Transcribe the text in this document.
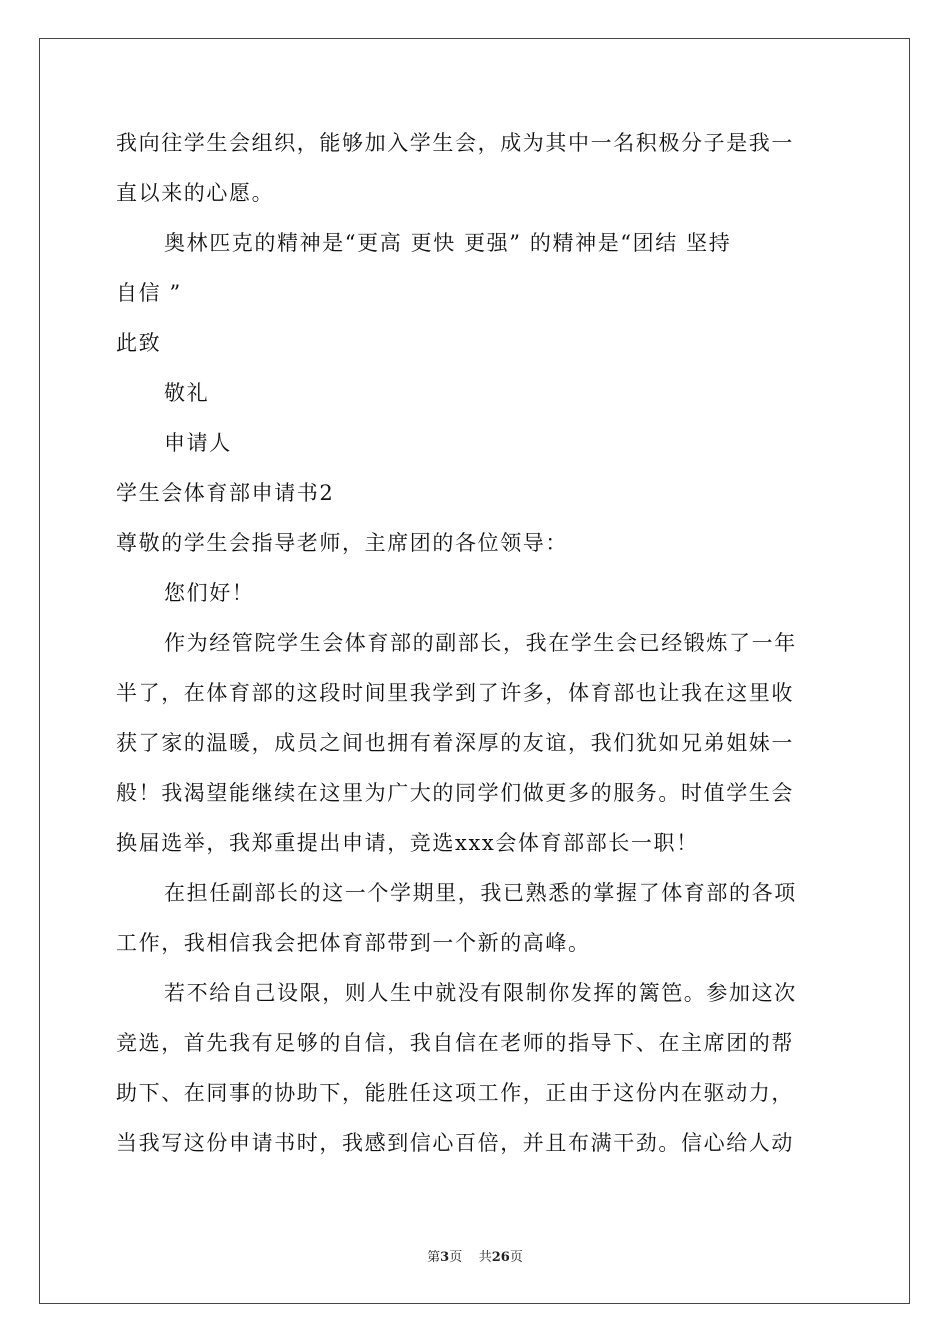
我向往学生会组织，能够加入学生会，成为其中一名积极分子是我一
直以来的心愿。
奥林匹克的精神是“更高 更快 更强” 的精神是“团结 坚持
自信 ”
此致
敬礼
申请人
学生会体育部申请书2
尊敬的学生会指导老师，主席团的各位领导：
您们好！
作为经管院学生会体育部的副部长，我在学生会已经锻炼了一年
半了，在体育部的这段时间里我学到了许多，体育部也让我在这里收
获了家的温暖，成员之间也拥有着深厚的友谊，我们犹如兄弟姐妹一
般！我渴望能继续在这里为广大的同学们做更多的服务。时值学生会
换届选举，我郑重提出申请，竞选xxx会体育部部长一职！
在担任副部长的这一个学期里，我已熟悉的掌握了体育部的各项
工作，我相信我会把体育部带到一个新的高峰。
若不给自己设限，则人生中就没有限制你发挥的篱笆。参加这次
竞选，首先我有足够的自信，我自信在老师的指导下、在主席团的帮
助下、在同事的协助下，能胜任这项工作，正由于这份内在驱动力，
当我写这份申请书时，我感到信心百倍，并且布满干劲。信心给人动
第3页 共26页
